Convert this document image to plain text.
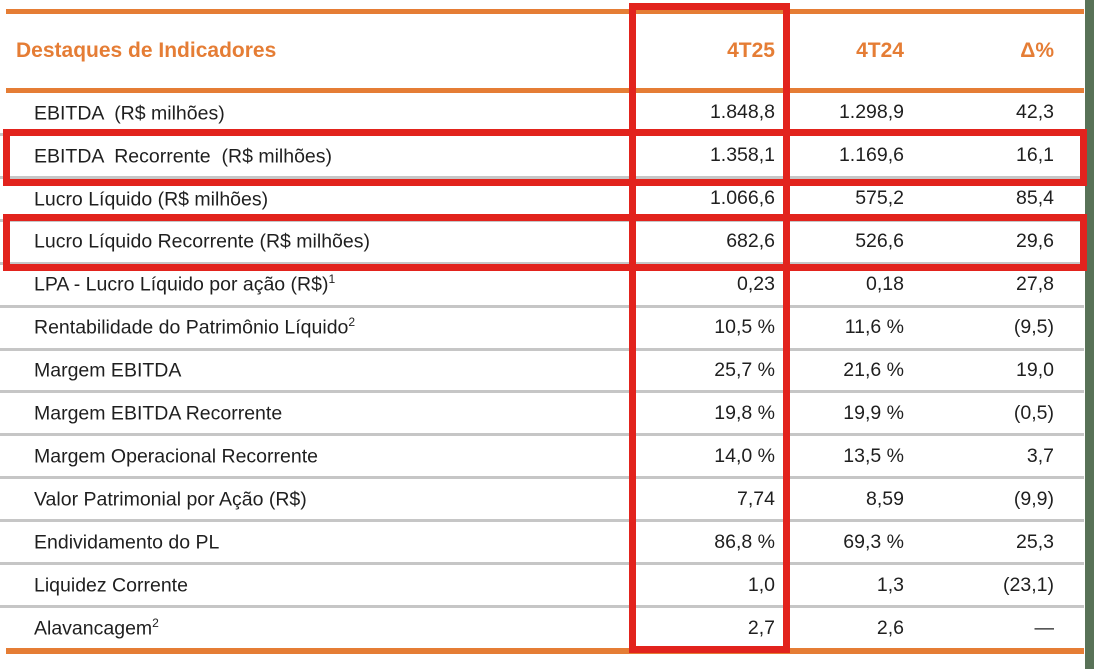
Destaques de Indicadores	4T25	4T24	Δ%
EBITDA  (R$ milhões)	1.848,8	1.298,9	42,3
EBITDA  Recorrente  (R$ milhões)	1.358,1	1.169,6	16,1
Lucro Líquido (R$ milhões)	1.066,6	575,2	85,4
Lucro Líquido Recorrente (R$ milhões)	682,6	526,6	29,6
LPA - Lucro Líquido por ação (R$)$^1$	0,23	0,18	27,8
Rentabilidade do Patrimônio Líquido$^2$	10,5 %	11,6 %	(9,5)
Margem EBITDA	25,7 %	21,6 %	19,0
Margem EBITDA Recorrente	19,8 %	19,9 %	(0,5)
Margem Operacional Recorrente	14,0 %	13,5 %	3,7
Valor Patrimonial por Ação (R$)	7,74	8,59	(9,9)
Endividamento do PL	86,8 %	69,3 %	25,3
Liquidez Corrente	1,0	1,3	(23,1)
Alavancagem$^2$	2,7	2,6	—
